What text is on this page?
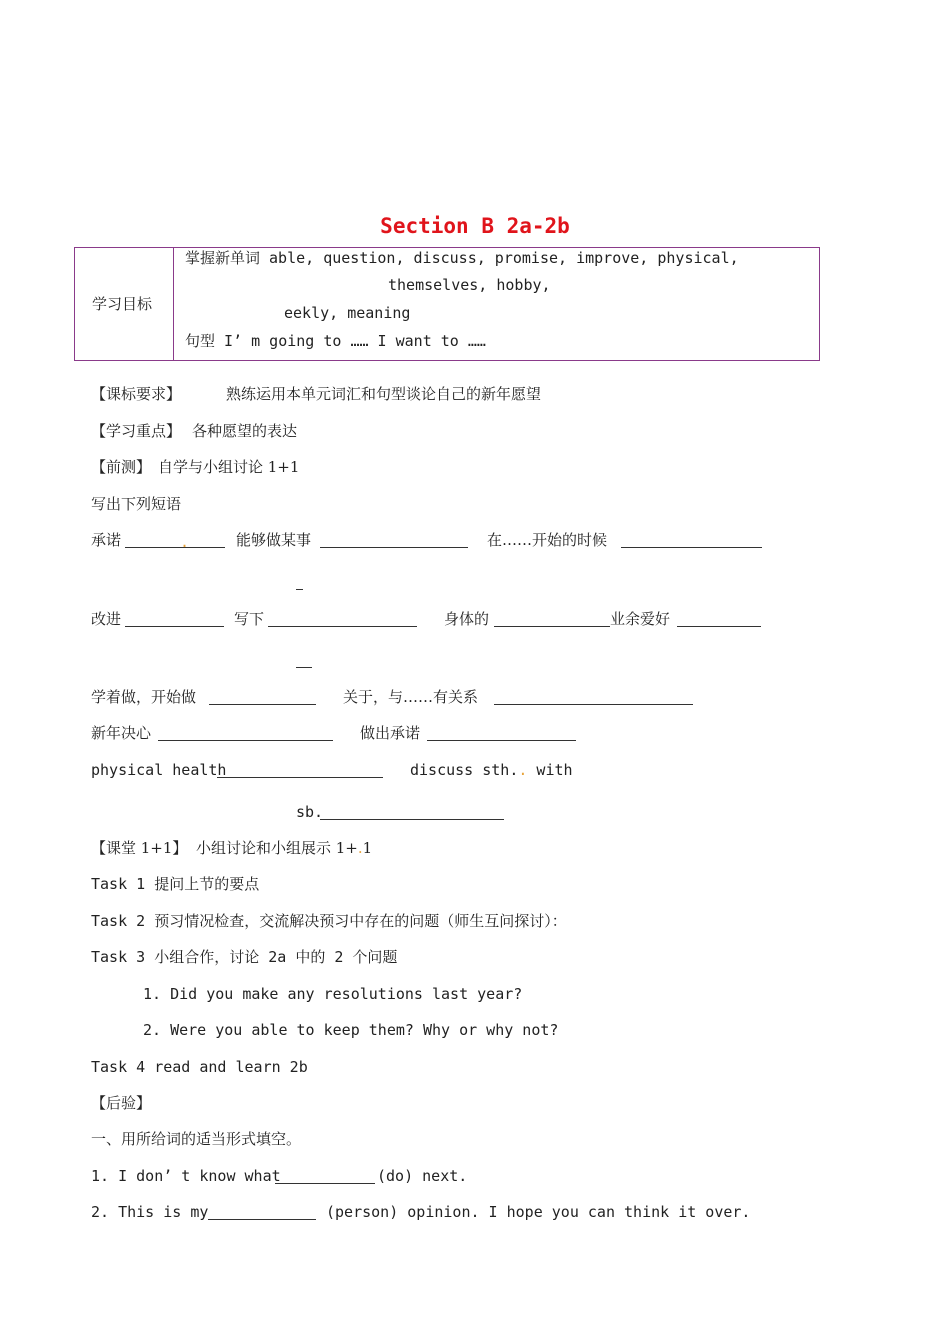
Section B 2a-2b
学习目标
掌握新单词 able, question, discuss, promise, improve, physical,
themselves, hobby,
eekly, meaning
句型 I’ m going to …… I want to ……
【课标要求】	熟练运用本单元词汇和句型谈论自己的新年愿望
【学习重点】 各种愿望的表达
【前测】 自学与小组讨论 1+1
写出下列短语
承诺	.	能够做某事	在……开始的时候
改进	写下	身体的	业余爱好
学着做，开始做	关于，与……有关系
新年决心	做出承诺
physical health	discuss sth.. with
sb.
【课堂 1+1】 小组讨论和小组展示 1+.1
Task 1 提问上节的要点
Task 2 预习情况检查，交流解决预习中存在的问题（师生互问探讨）：
Task 3 小组合作，讨论 2a 中的 2 个问题
1. Did you make any resolutions last year?
2. Were you able to keep them? Why or why not?
Task 4 read and learn 2b
【后验】
一、用所给词的适当形式填空。
1. I don’ t know what	(do) next.
2. This is my	(person) opinion. I hope you can think it over.
